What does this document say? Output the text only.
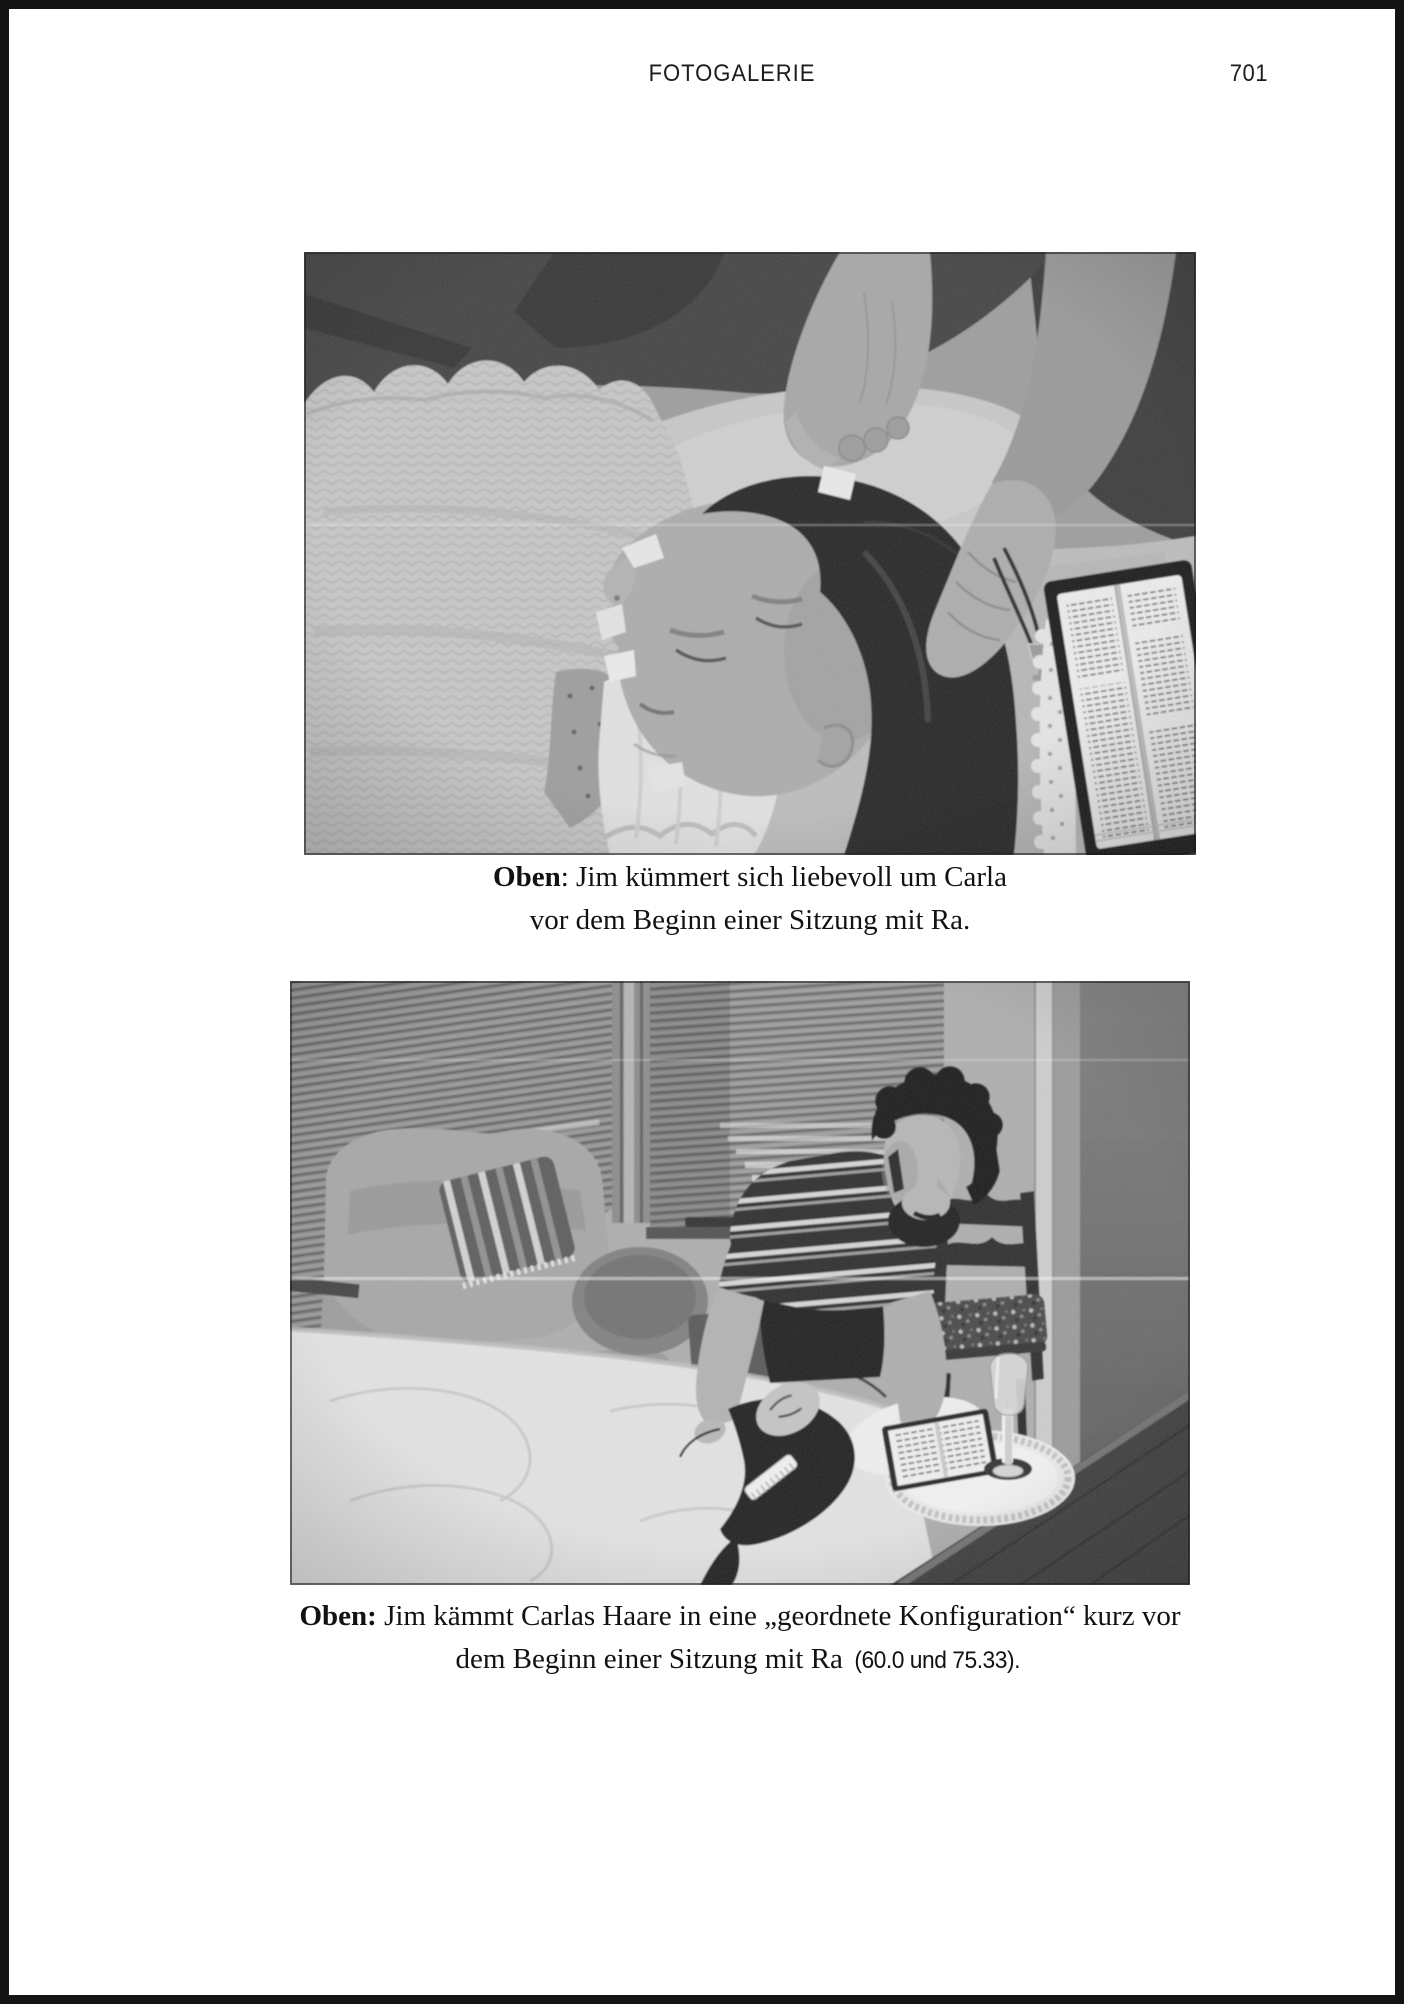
FOTOGALERIE	701
Oben: Jim kümmert sich liebevoll um Carla
vor dem Beginn einer Sitzung mit Ra.
Oben: Jim kämmt Carlas Haare in eine „geordnete Konfiguration“ kurz vor
dem Beginn einer Sitzung mit Ra (60.0 und 75.33).
